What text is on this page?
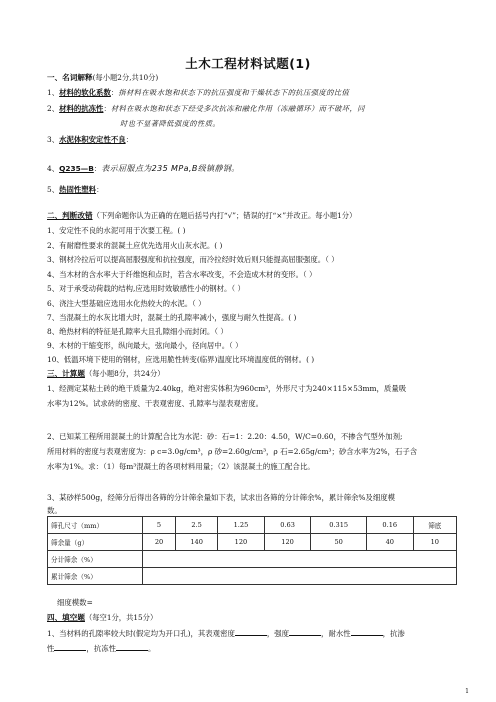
土木工程材料试题(1)
一、名词解释(每小题2分,共10分)
1、材料的软化系数：指材料在吸水饱和状态下的抗压强度和干燥状态下的抗压强度的比值
2、材料的抗冻性：材料在吸水饱和状态下经受多次抗冻和融化作用（冻融循环）而不破坏，同
时也不显著降低强度的性质。
3、水泥体积安定性不良：
4、Q235—B：表示屈服点为235 MPa,B级镇静钢。
5、热固性塑料：
二、判断改错（下列命题你认为正确的在题后括号内打“√”；错误的打“×”并改正。每小题1分）
1、安定性不良的水泥可用于次要工程。( )
2、有耐磨性要求的混凝土应优先选用火山灰水泥。( )
3、钢材冷拉后可以提高屈服强度和抗拉强度，而冷拉经时效后则只能提高屈服强度。（ ）
4、当木材的含水率大于纤维饱和点时，若含水率改变，不会造成木材的变形。（ ）
5、对于承受动荷载的结构,应选用时效敏感性小的钢材。（ ）
6、浇注大型基础应选用水化热较大的水泥。（ ）
7、当混凝土的水灰比增大时，混凝土的孔隙率减小，强度与耐久性提高。( )
8、绝热材料的特征是孔隙率大且孔隙细小而封闭。（ ）
9、木材的干缩变形，纵向最大，弦向最小，径向居中。（ ）
10、低温环境下使用的钢材，应选用脆性转变(临界)温度比环境温度低的钢材。( )
三、计算题（每小题8分，共24分）
1、经测定某粘土砖的绝干质量为2.40kg，绝对密实体积为960cm³，外形尺寸为240×115×53mm，质量吸
水率为12%。试求砖的密度、干表观密度、孔隙率与湿表观密度。
2、已知某工程所用混凝土的计算配合比为水泥：砂：石=1：2.20：4.50，W/C=0.60，不掺含气型外加剂;
所用材料的密度与表观密度为：ρ c=3.0g/cm³，ρ 砂=2.60g/cm³，ρ 石=2.65g/cm³；砂含水率为2%，石子含
水率为1%。求：（1）每m³混凝土的各项材料用量；（2）该混凝土的施工配合比。
3、某砂样500g，经筛分后得出各筛的分计筛余量如下表，试求出各筛的分计筛余%，累计筛余%及细度模
数。
筛孔尺寸（mm）	5	2.5	1.25	0.63	0.315	0.16	筛底
筛余量（g）	20	140	120	120	50	40	10
分计筛余（%）							
累计筛余（%）							
细度模数=
四、填空题（每空1分，共15分）
1、当材料的孔隙率较大时(假定均为开口孔)，其表观密度	，强度	，耐水性	，抗渗
性	，抗冻性	。
1
